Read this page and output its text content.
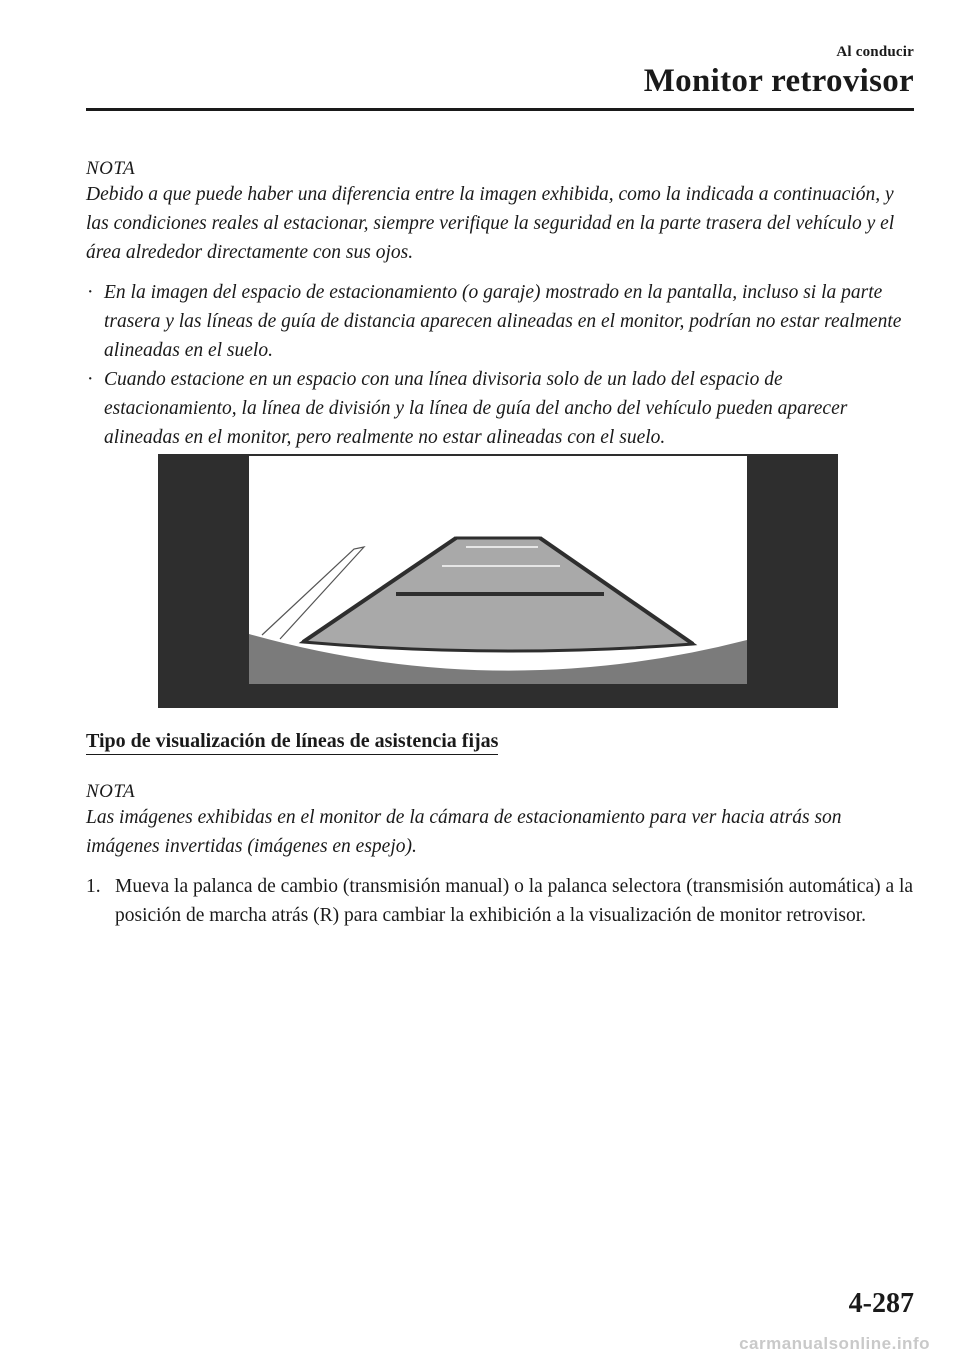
Al conducir
Monitor retrovisor
NOTA

Debido a que puede haber una diferencia entre la imagen exhibida, como la indicada a continuación, y las condiciones reales al estacionar, siempre verifique la seguridad en la parte trasera del vehículo y el área alrededor directamente con sus ojos.

· En la imagen del espacio de estacionamiento (o garaje) mostrado en la pantalla, incluso si la parte trasera y las líneas de guía de distancia aparecen alineadas en el monitor, podrían no estar realmente alineadas en el suelo.
· Cuando estacione en un espacio con una línea divisoria solo de un lado del espacio de estacionamiento, la línea de división y la línea de guía del ancho del vehículo pueden aparecer alineadas en el monitor, pero realmente no estar alineadas con el suelo.
Tipo de visualización de líneas de asistencia fijas
NOTA

Las imágenes exhibidas en el monitor de la cámara de estacionamiento para ver hacia atrás son imágenes invertidas (imágenes en espejo).

1. Mueva la palanca de cambio (transmisión manual) o la palanca selectora (transmisión automática) a la posición de marcha atrás (R) para cambiar la exhibición a la visualización de monitor retrovisor.
4-287
carmanualsonline.info
